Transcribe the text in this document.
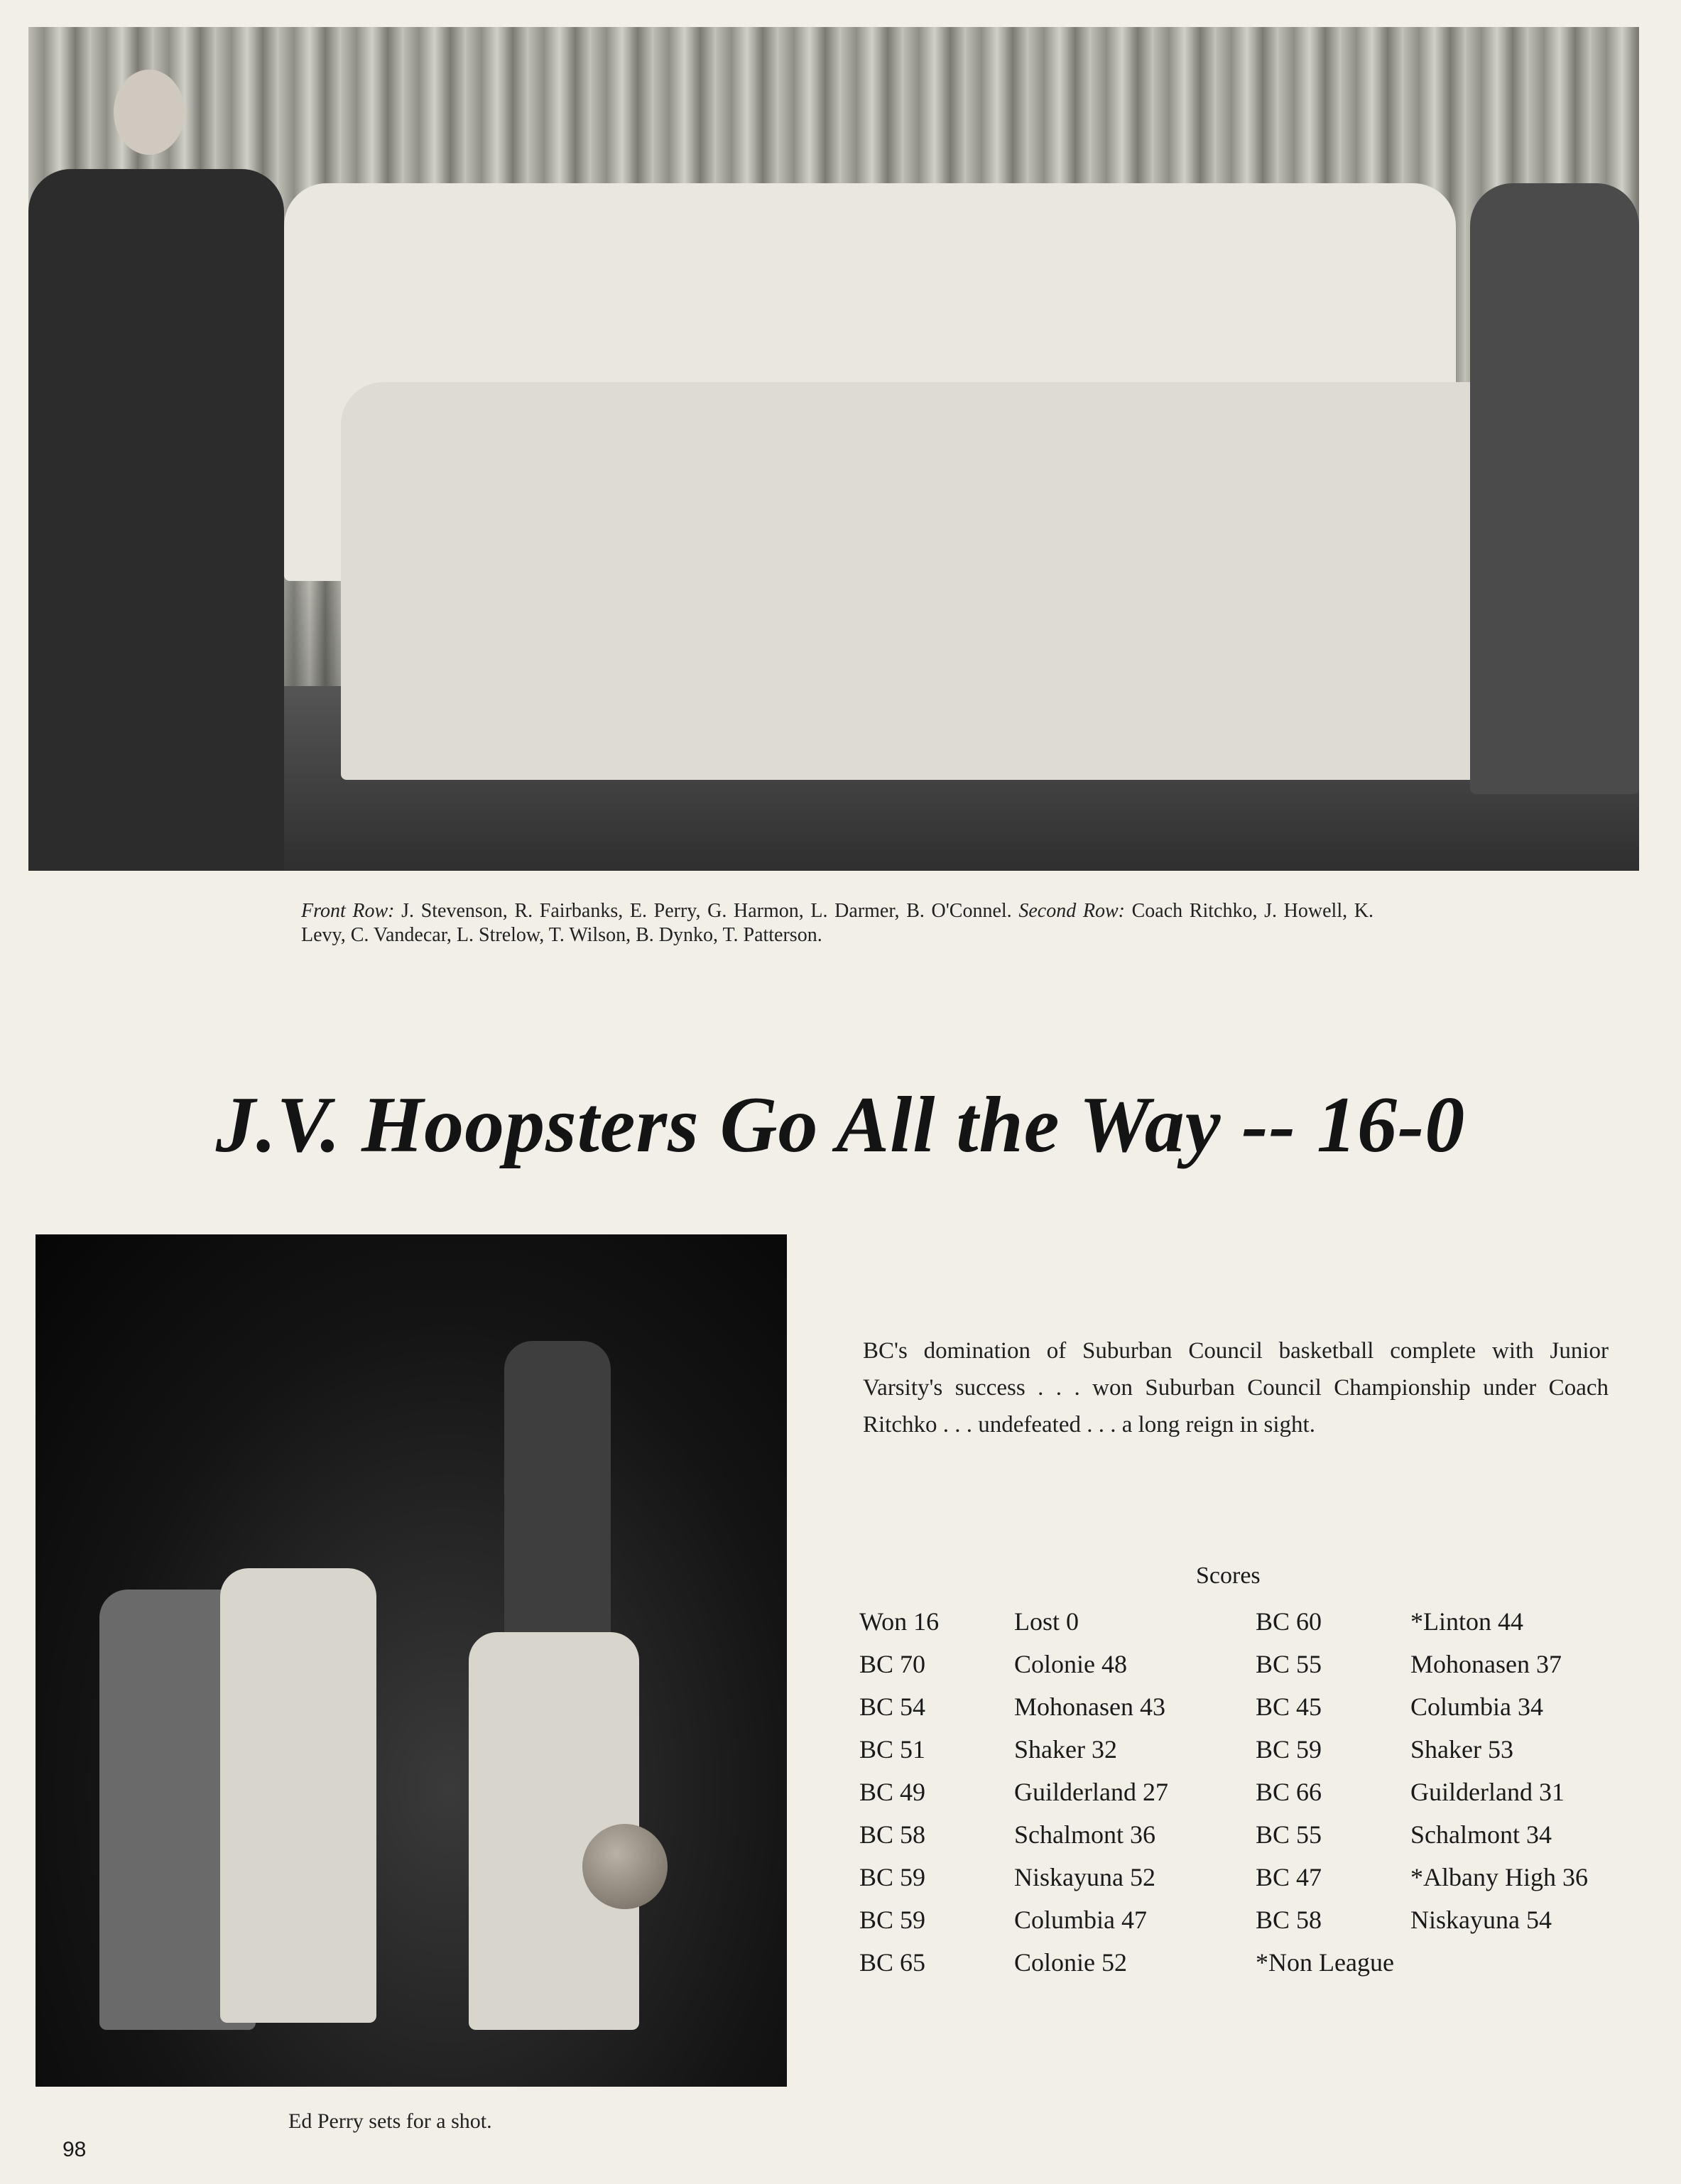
Front Row: J. Stevenson, R. Fairbanks, E. Perry, G. Harmon, L. Darmer, B. O'Connel. Second Row: Coach Ritchko, J. Howell, K. Levy, C. Vandecar, L. Strelow, T. Wilson, B. Dynko, T. Patterson.
J.V. Hoopsters Go All the Way -- 16-0
BC's domination of Suburban Council basketball complete with Junior Varsity's success . . . won Suburban Council Championship under Coach Ritchko . . . undefeated . . . a long reign in sight.
Scores
Won 16	Lost 0	BC 60	*Linton 44
BC 70	Colonie 48	BC 55	Mohonasen 37
BC 54	Mohonasen 43	BC 45	Columbia 34
BC 51	Shaker 32	BC 59	Shaker 53
BC 49	Guilderland 27	BC 66	Guilderland 31
BC 58	Schalmont 36	BC 55	Schalmont 34
BC 59	Niskayuna 52	BC 47	*Albany High 36
BC 59	Columbia 47	BC 58	Niskayuna 54
BC 65	Colonie 52	*Non League	
Ed Perry sets for a shot.
98
